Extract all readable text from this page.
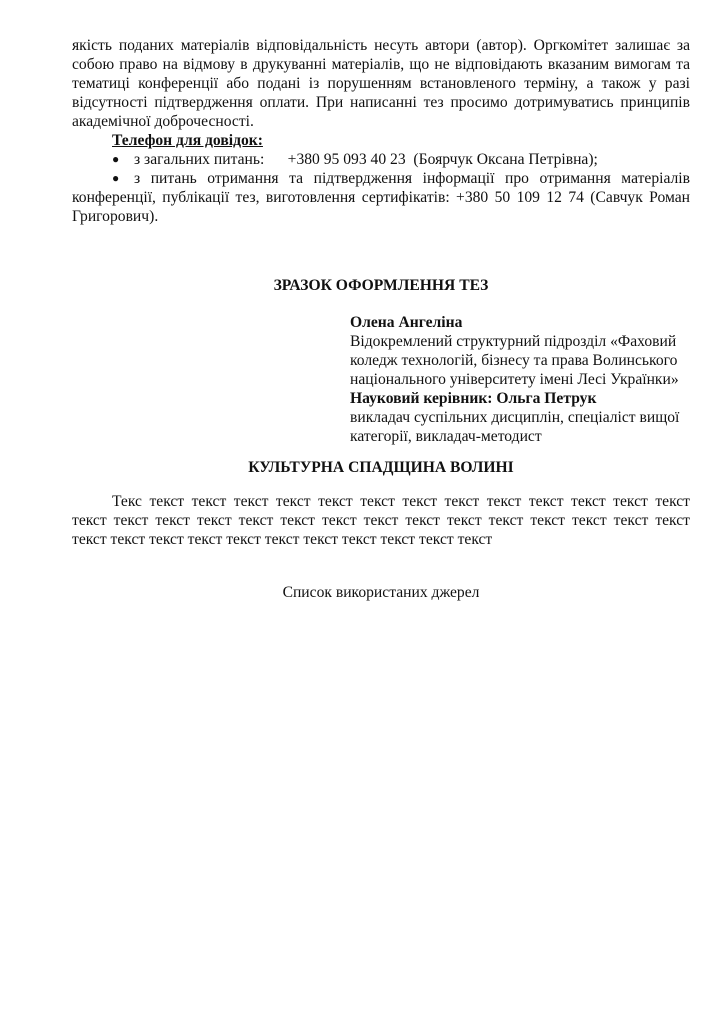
якість поданих матеріалів відповідальність несуть автори (автор). Оргкомітет залишає за
собою право на відмову в друкуванні матеріалів, що не відповідають вказаним вимогам та
тематиці конференції або подані із порушенням встановленого терміну, а також у разі
відсутності підтвердження оплати. При написанні тез просимо дотримуватись принципів
академічної доброчесності.
Телефон для довідок:
● з загальних питань:      +380 95 093 40 23  (Боярчук Оксана Петрівна);
● з питань отримання та підтвердження інформації про отримання матеріалів
конференції, публікації тез, виготовлення сертифікатів: +380 50 109 12 74 (Савчук Роман
Григорович).
ЗРАЗОК ОФОРМЛЕННЯ ТЕЗ
Олена Ангеліна
Відокремлений структурний підрозділ «Фаховий
коледж технологій, бізнесу та права Волинського
національного університету імені Лесі Українки»
Науковий керівник: Ольга Петрук
викладач суспільних дисциплін, спеціаліст вищої
категорії, викладач-методист
КУЛЬТУРНА СПАДЩИНА ВОЛИНІ
Текс текст текст текст текст текст текст текст текст текст текст текст текст текст
текст текст текст текст текст текст текст текст текст текст текст текст текст текст текст
текст текст текст текст текст текст текст текст текст текст текст
Список використаних джерел
